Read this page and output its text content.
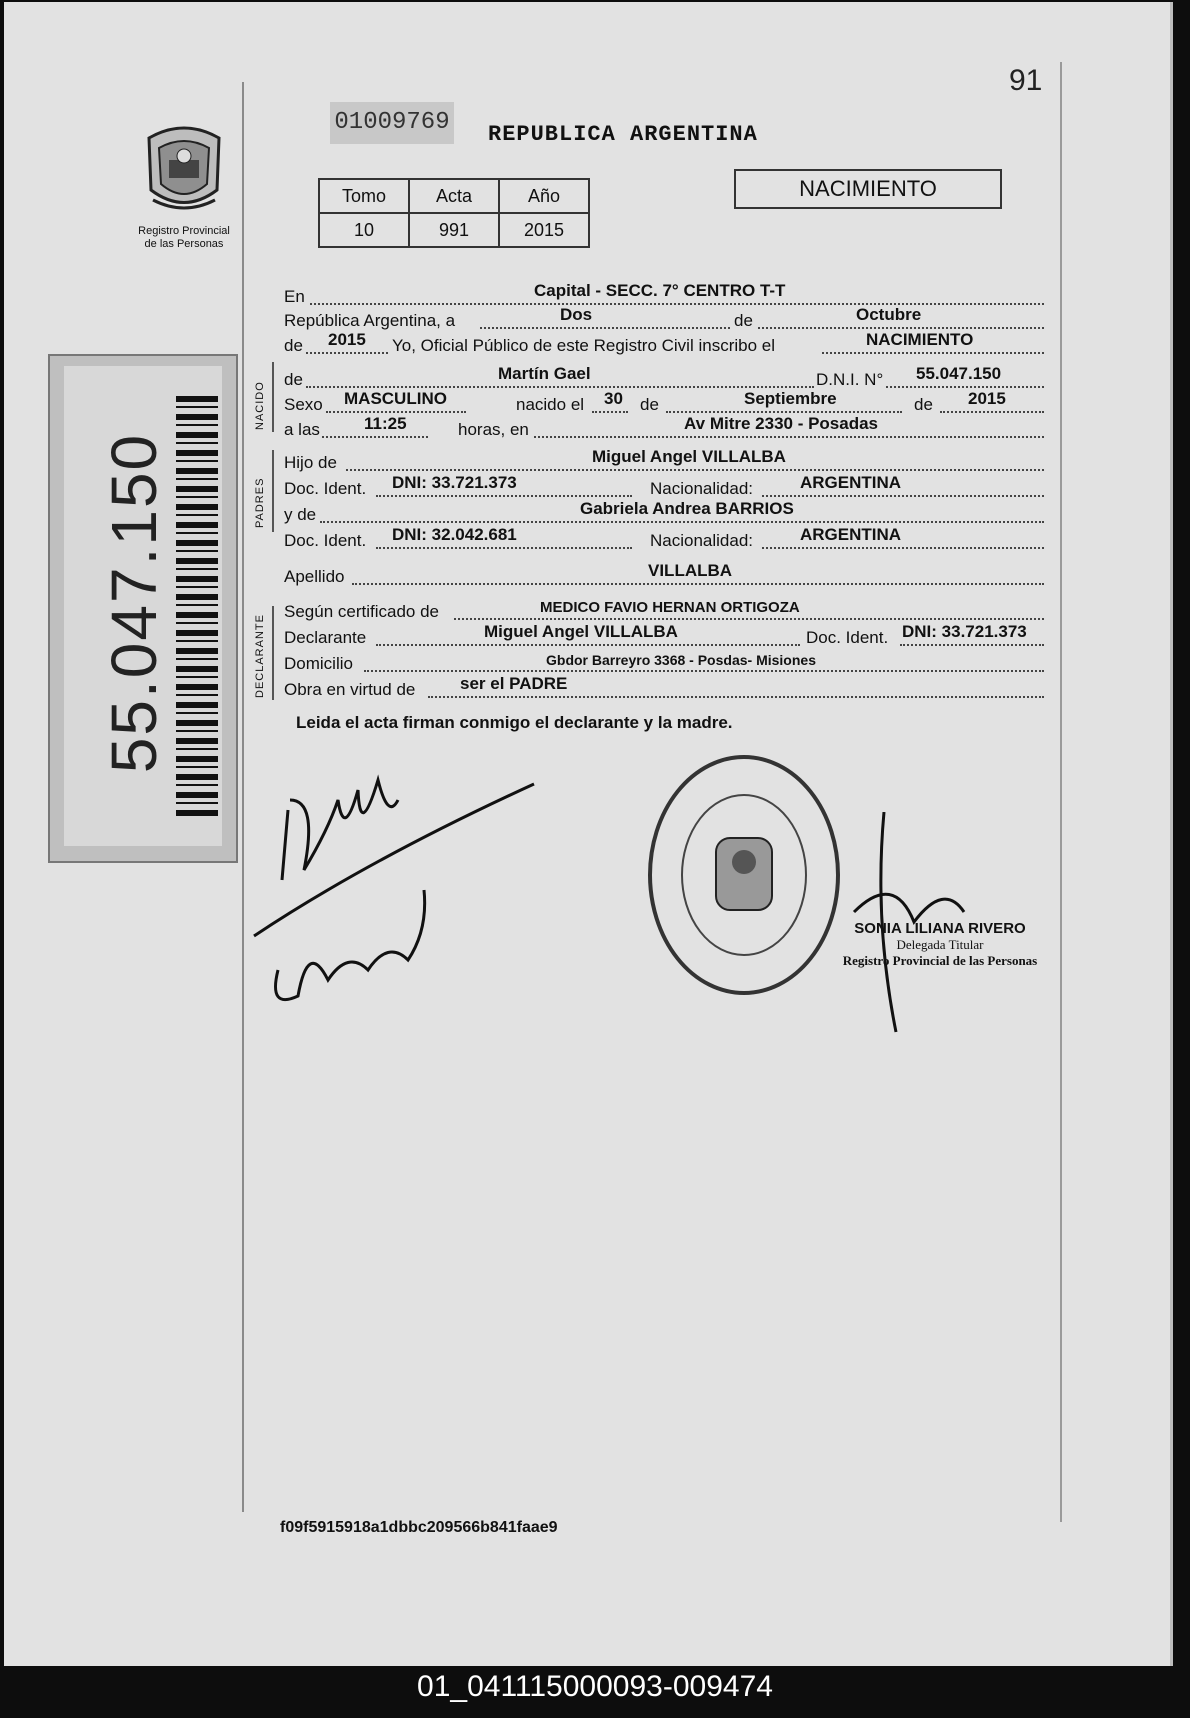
91
Registro Provincial
de las Personas
55.047.150
01009769 REPUBLICA ARGENTINA
Tomo	Acta	Año
10	991	2015
NACIMIENTO
En	Capital - SECC. 7° CENTRO T-T
República Argentina, a	Dos	de	Octubre
de 2015 Yo, Oficial Público de este Registro Civil inscribo el	NACIMIENTO
NACIDO
de	Martín Gael	D.N.I. N° 55.047.150
Sexo MASCULINO	nacido el 30 de	Septiembre	de 2015
a las	11:25	horas, en	Av Mitre 2330 - Posadas
PADRES
Hijo de	Miguel Angel VILLALBA
Doc. Ident. DNI: 33.721.373	Nacionalidad:	ARGENTINA
y de	Gabriela Andrea BARRIOS
Doc. Ident. DNI: 32.042.681	Nacionalidad:	ARGENTINA
Apellido	VILLALBA
DECLARANTE
Según certificado de	MEDICO FAVIO HERNAN ORTIGOZA
Declarante	Miguel Angel VILLALBA	Doc. Ident. DNI: 33.721.373
Domicilio	Gbdor Barreyro 3368 - Posdas- Misiones
Obra en virtud de	ser el PADRE
Leida el acta firman conmigo el declarante y la madre.
SONIA LILIANA RIVERO
Delegada Titular
Registro Provincial de las Personas
f09f5915918a1dbbc209566b841faae9
01_041115000093-009474
